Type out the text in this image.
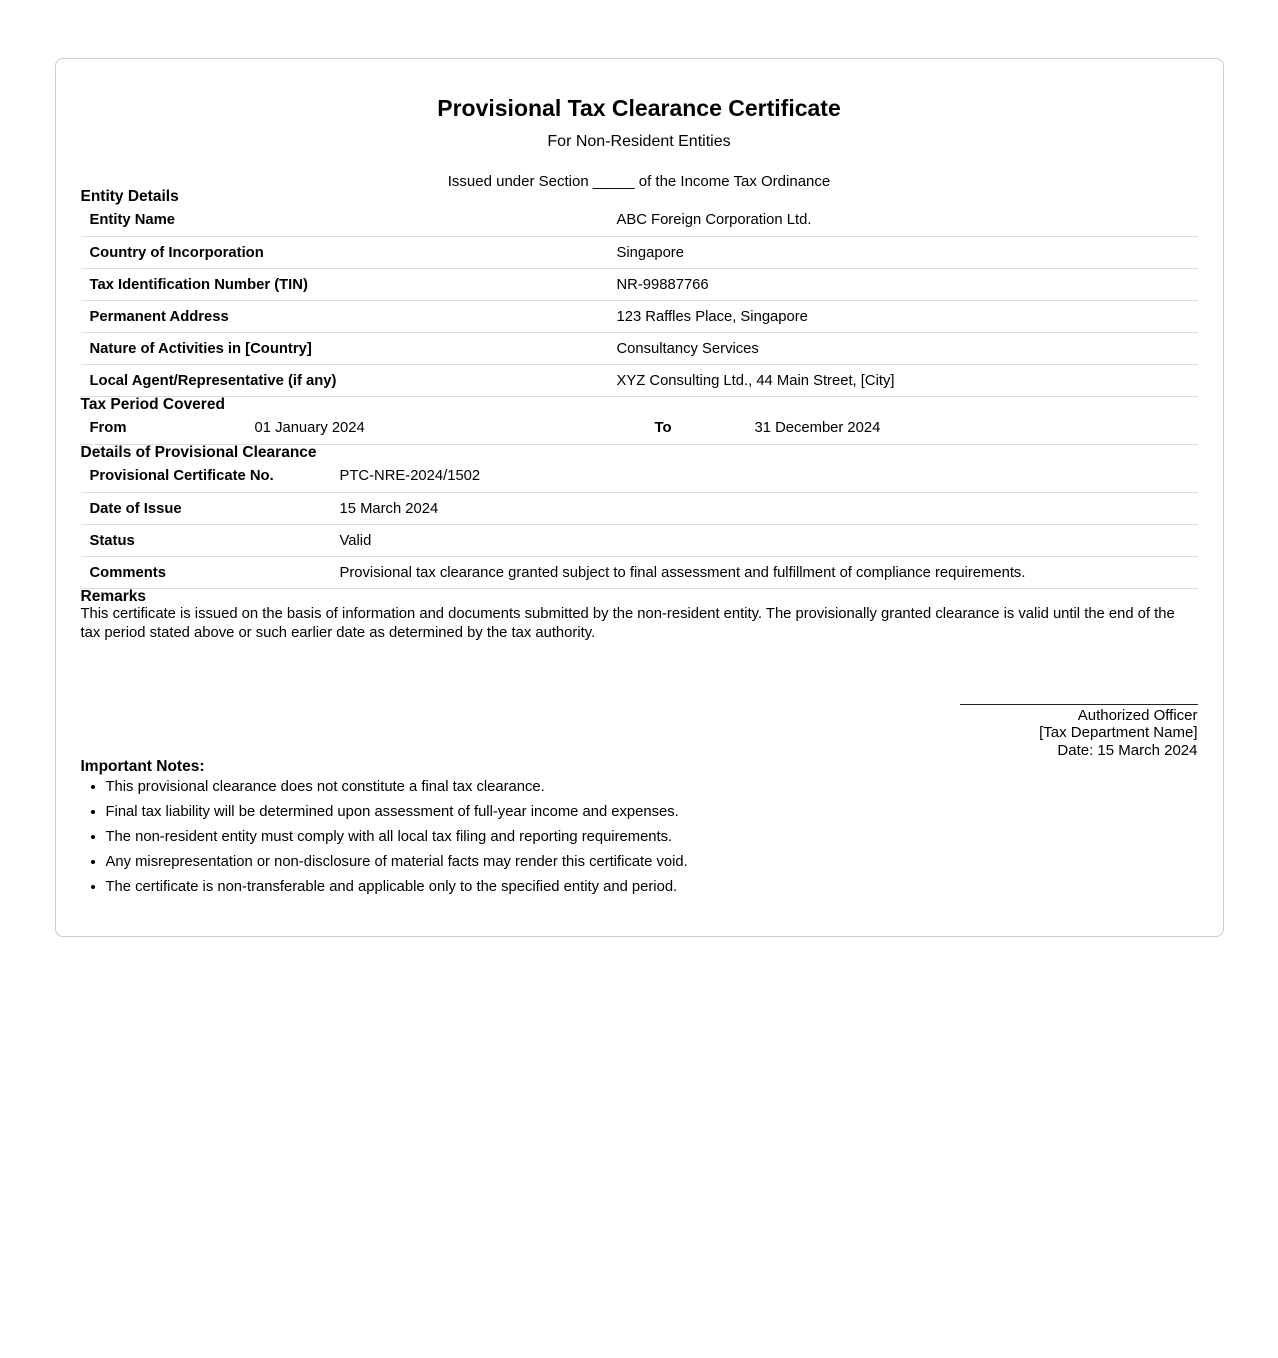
Provisional Tax Clearance Certificate
For Non-Resident Entities
Issued under Section _____ of the Income Tax Ordinance
Entity Details
Entity Name	ABC Foreign Corporation Ltd.
Country of Incorporation	Singapore
Tax Identification Number (TIN)	NR-99887766
Permanent Address	123 Raffles Place, Singapore
Nature of Activities in [Country]	Consultancy Services
Local Agent/Representative (if any)	XYZ Consulting Ltd., 44 Main Street, [City]
Tax Period Covered
From	01 January 2024	To	31 December 2024
Details of Provisional Clearance
Provisional Certificate No.	PTC-NRE-2024/1502
Date of Issue	15 March 2024
Status	Valid
Comments	Provisional tax clearance granted subject to final assessment and fulfillment of compliance requirements.
Remarks

This certificate is issued on the basis of information and documents submitted by the non-resident entity. The provisionally granted clearance is valid until the end of the tax period stated above or such earlier date as determined by the tax authority.

Authorized Officer
[Tax Department Name]
Date: 15 March 2024
Important Notes:
• This provisional clearance does not constitute a final tax clearance.
• Final tax liability will be determined upon assessment of full-year income and expenses.
• The non-resident entity must comply with all local tax filing and reporting requirements.
• Any misrepresentation or non-disclosure of material facts may render this certificate void.
• The certificate is non-transferable and applicable only to the specified entity and period.
